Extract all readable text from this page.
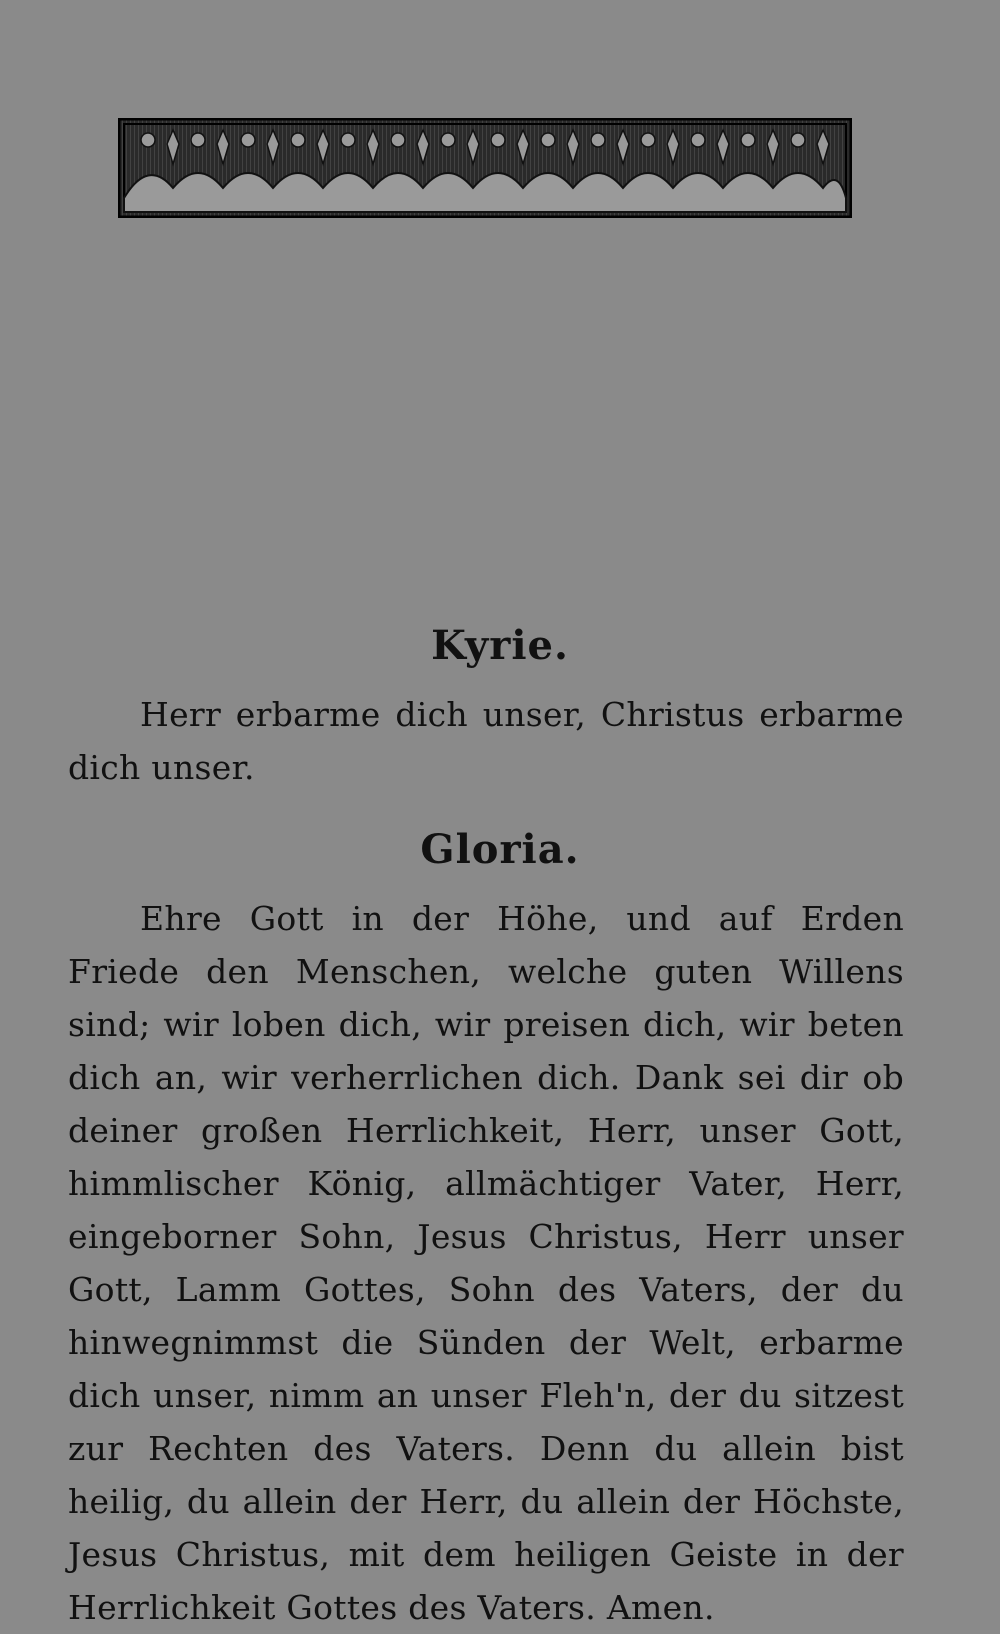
Kyrie.

Herr erbarme dich unser, Christus erbarme dich unser.

Gloria.

Ehre Gott in der Höhe, und auf Erden Friede den Menschen, welche guten Willens sind; wir loben dich, wir preisen dich, wir beten dich an, wir verherrlichen dich. Dank sei dir ob deiner großen Herrlichkeit, Herr, unser Gott, himmlischer König, allmächtiger Vater, Herr, eingeborner Sohn, Jesus Christus, Herr unser Gott, Lamm Gottes, Sohn des Vaters, der du hinwegnimmst die Sünden der Welt, erbarme dich unser, nimm an unser Fleh'n, der du sitzest zur Rechten des Vaters. Denn du allein bist heilig, du allein der Herr, du allein der Höchste, Jesus Christus, mit dem heiligen Geiste in der Herrlichkeit Gottes des Vaters. Amen.
